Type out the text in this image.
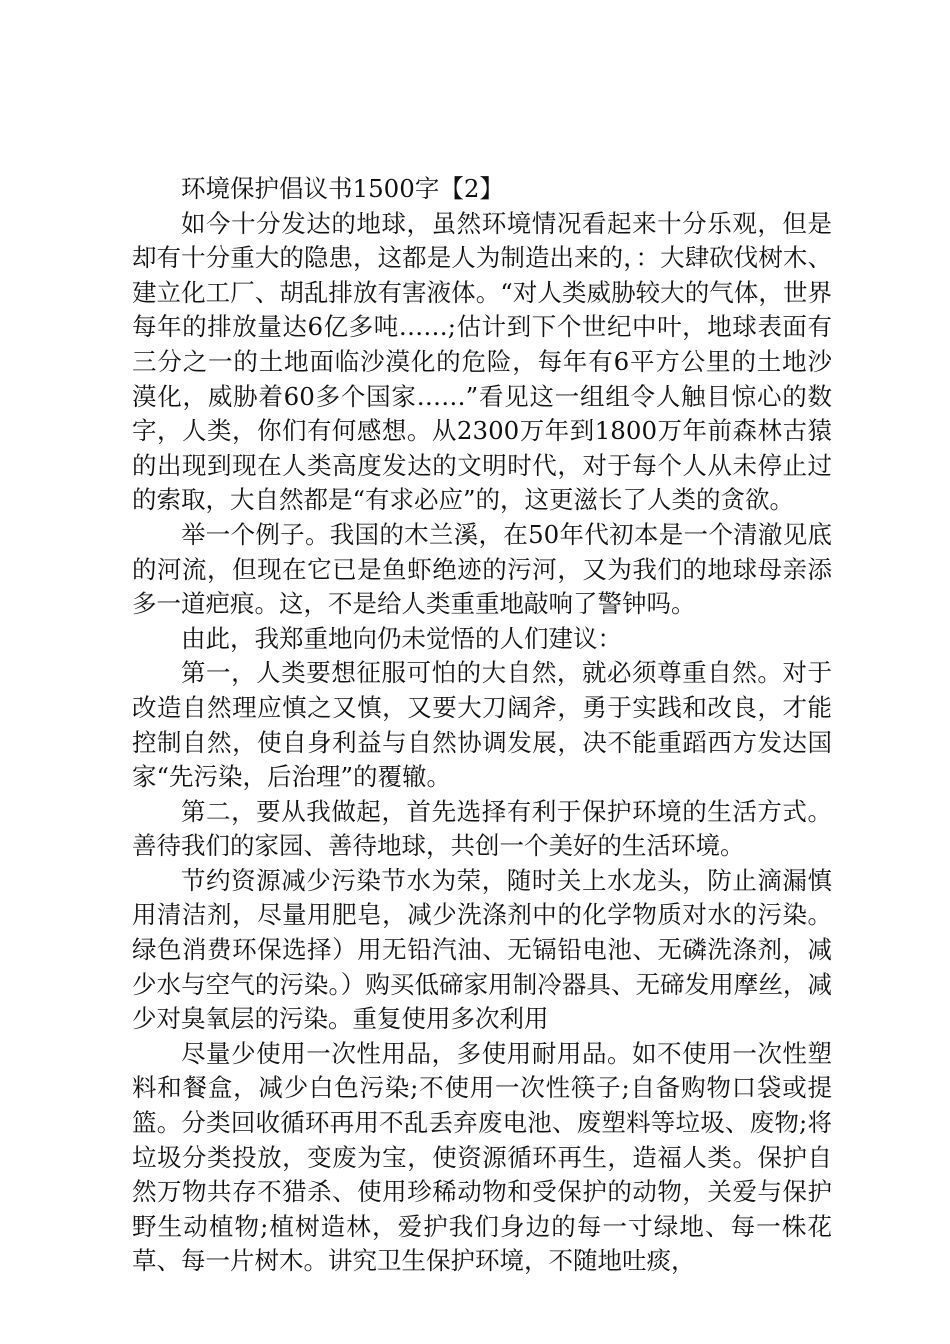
环境保护倡议书1500字【2】

如今十分发达的地球，虽然环境情况看起来十分乐观，但是却有十分重大的隐患，这都是人为制造出来的，：大肆砍伐树木、建立化工厂、胡乱排放有害液体。“对人类威胁较大的气体，世界每年的排放量达6亿多吨……;估计到下个世纪中叶，地球表面有三分之一的土地面临沙漠化的危险，每年有6平方公里的土地沙漠化，威胁着60多个国家……”看见这一组组令人触目惊心的数字，人类，你们有何感想。从2300万年到1800万年前森林古猿的出现到现在人类高度发达的文明时代，对于每个人从未停止过的索取，大自然都是“有求必应”的，这更滋长了人类的贪欲。

举一个例子。我国的木兰溪，在50年代初本是一个清澈见底的河流，但现在它已是鱼虾绝迹的污河，又为我们的地球母亲添多一道疤痕。这，不是给人类重重地敲响了警钟吗。

由此，我郑重地向仍未觉悟的人们建议：

第一，人类要想征服可怕的大自然，就必须尊重自然。对于改造自然理应慎之又慎，又要大刀阔斧，勇于实践和改良，才能控制自然，使自身利益与自然协调发展，决不能重蹈西方发达国家“先污染，后治理”的覆辙。

第二，要从我做起，首先选择有利于保护环境的生活方式。善待我们的家园、善待地球，共创一个美好的生活环境。

节约资源减少污染节水为荣，随时关上水龙头，防止滴漏慎用清洁剂，尽量用肥皂，减少洗涤剂中的化学物质对水的污染。绿色消费环保选择）用无铅汽油、无镉铅电池、无磷洗涤剂，减少水与空气的污染。）购买低碲家用制冷器具、无碲发用摩丝，减少对臭氧层的污染。重复使用多次利用

尽量少使用一次性用品，多使用耐用品。如不使用一次性塑料和餐盒，减少白色污染;不使用一次性筷子;自备购物口袋或提篮。分类回收循环再用不乱丢弃废电池、废塑料等垃圾、废物;将垃圾分类投放，变废为宝，使资源循环再生，造福人类。保护自然万物共存不猎杀、使用珍稀动物和受保护的动物，关爱与保护野生动植物;植树造林，爱护我们身边的每一寸绿地、每一株花草、每一片树木。讲究卫生保护环境，不随地吐痰，
